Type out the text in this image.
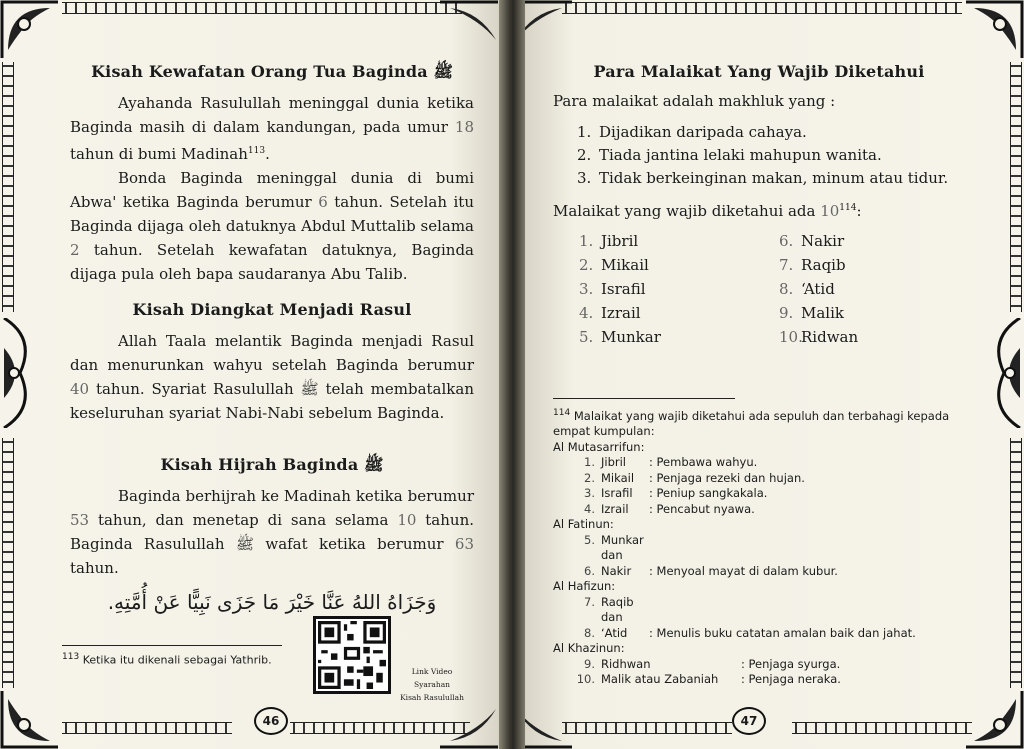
Kisah Kewafatan Orang Tua Baginda ﷺ

Ayahanda Rasulullah meninggal dunia ketika Baginda masih di dalam kandungan, pada umur 18 tahun di bumi Madinah$^{113}$.

Bonda Baginda meninggal dunia di bumi Abwa' ketika Baginda berumur 6 tahun. Setelah itu Baginda dijaga oleh datuknya Abdul Muttalib selama 2 tahun. Setelah kewafatan datuknya, Baginda dijaga pula oleh bapa saudaranya Abu Talib.

Kisah Diangkat Menjadi Rasul

Allah Taala melantik Baginda menjadi Rasul dan menurunkan wahyu setelah Baginda berumur 40 tahun. Syariat Rasulullah ﷺ telah membatalkan keseluruhan syariat Nabi-Nabi sebelum Baginda.

Kisah Hijrah Baginda ﷺ

Baginda berhijrah ke Madinah ketika berumur 53 tahun, dan menetap di sana selama 10 tahun. Baginda Rasulullah ﷺ wafat ketika berumur 63 tahun.

وَجَزَاهُ اللهُ عَنَّا خَيْرَ مَا جَزَى نَبِيًّا عَنْ أُمَّتِهِ.

$^{113}$ Ketika itu dikenali sebagai Yathrib.
Link Video Syarahan
Kisah Rasulullah
46
Para Malaikat Yang Wajib Diketahui

Para malaikat adalah makhluk yang :

1. Dijadikan daripada cahaya.
2. Tiada jantina lelaki mahupun wanita.
3. Tidak berkeinginan makan, minum atau tidur.

Malaikat yang wajib diketahui ada $10^{114}$:

1. Jibril	6. Nakir
2. Mikail	7. Raqib
3. Israfil	8. ‘Atid
4. Izrail	9. Malik
5. Munkar	10.Ridwan
$^{114}$ Malaikat yang wajib diketahui ada sepuluh dan terbahagi kepada empat kumpulan:
Al Mutasarrifun:
1. Jibril	: Pembawa wahyu.
2. Mikail	: Penjaga rezeki dan hujan.
3. Israfil	: Peniup sangkakala.
4. Izrail	: Pencabut nyawa.
Al Fatinun:
5. Munkar dan
6. Nakir	: Menyoal mayat di dalam kubur.
Al Hafizun:
7. Raqib dan
8. ‘Atid	: Menulis buku catatan amalan baik dan jahat.
Al Khazinun:
9. Ridhwan	: Penjaga syurga.
10. Malik atau Zabaniah	: Penjaga neraka.
47
